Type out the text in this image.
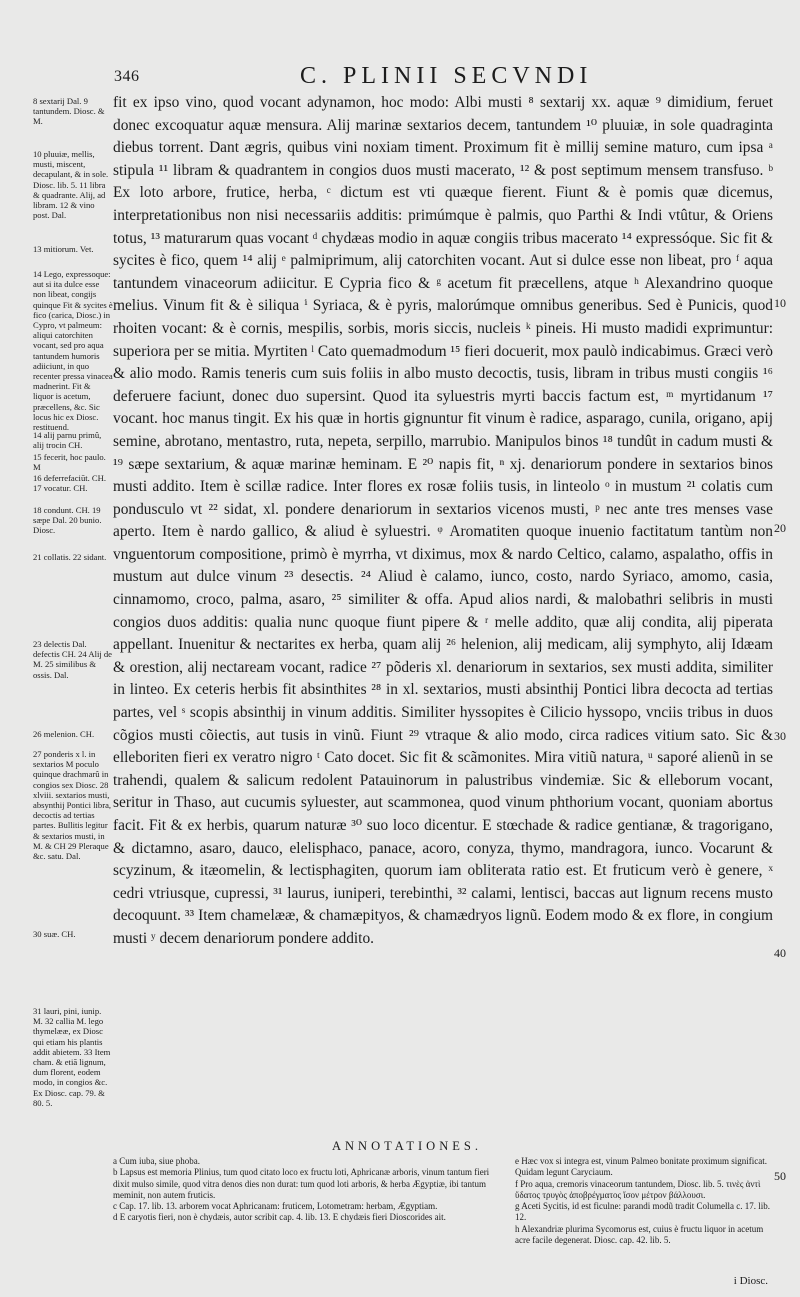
346	C. PLINII SECVNDI
8 sextarij Dal. 9 tantundem. Diosc. & M.
10 pluuiæ, mellis, musti, miscent, decapulant, & in sole. Diosc. lib. 5. 11 libra & quadrante. Alij, ad libram. 12 & vino post. Dal.
13 mitiorum. Vet.
14 Lego, expressoque: aut si ita dulce esse non libeat, congijs quinque Fit & sycites è fico (carica, Diosc.) in Cypro, vt palmeum: aliqui catorchiten vocant, sed pro aqua tantundem humoris adiiciunt, in quo recenter pressa vinacea madnerint. Fit & liquor is acetum, præcellens, &c. Sic locus hic ex Diosc. restituend.
14 alij parnu primû, alij trocin CH.
15 fecerit, hoc paulo. M
16 deferrefaciūt. CH. 17 vocatur. CH.
18 condunt. CH. 19 sæpe Dal. 20 bunio. Diosc.
21 collatis. 22 sidant.
23 delectis Dal. defectis CH. 24 Alij de M. 25 similibus & ossis. Dal.
26 melenion. CH.
27 ponderis x l. in sextarios M poculo quinque drachmarû in congios sex Diosc. 28 xlviii. sextarios musti, absynthij Pontici libra, decoctis ad tertias partes. Bullitis legitur & sextarios musti, in M. & CH 29 Pleraque &c. satu. Dal.
30 suæ. CH.
31 lauri, pini, iunip. M. 32 callia M. lego thymelææ, ex Diosc qui etiam his plantis addit abietem. 33 Item cham. & etiā lignum, dum florent, eodem modo, in congios &c. Ex Diosc. cap. 79. & 80. 5.

fit ex ipso vino, quod vocant adynamon, hoc modo: Albi musti ⁸ sextarij xx. aquæ ⁹ dimidium, feruet donec excoquatur aquæ mensura. Alij marinæ sextarios decem, tantundem ¹⁰ pluuiæ, in sole quadraginta diebus torrent. Dant ægris, quibus vini noxiam timent. Proximum fit è millij semine maturo, cum ipsa ᵃ stipula ¹¹ libram & quadrantem in congios duos musti macerato, ¹² & post septimum mensem transfuso. ᵇ Ex loto arbore, frutice, herba, ᶜ dictum est vti quæque fierent. Fiunt & è pomis quæ dicemus, interpretationibus non nisi necessariis additis: primúmque è palmis, quo Parthi & Indi vtûtur, & Oriens totus, ¹³ maturarum quas vocant ᵈ chydæas modio in aquæ congiis tribus macerato ¹⁴ expressóque. Sic fit & sycites è fico, quem ¹⁴ alij ᵉ palmiprimum, alij catorchiten vocant. Aut si dulce esse non libeat, pro ᶠ aqua tantundem vinaceorum adiicitur. E Cypria fico & ᵍ acetum fit præcellens, atque ʰ Alexandrino quoque melius. Vinum fit & è siliqua ⁱ Syriaca, & è pyris, malorúmque omnibus generibus. Sed è Punicis, quod rhoiten vocant: & è cornis, mespilis, sorbis, moris siccis, nucleis ᵏ pineis. Hi musto madidi exprimuntur: superiora per se mitia. Myrtiten ˡ Cato quemadmodum ¹⁵ fieri docuerit, mox paulò indicabimus. Græci verò & alio modo. Ramis teneris cum suis foliis in albo musto decoctis, tusis, libram in tribus musti congiis ¹⁶ deferuere faciunt, donec duo supersint. Quod ita syluestris myrti baccis factum est, ᵐ myrtidanum ¹⁷ vocant. hoc manus tingit. Ex his quæ in hortis gignuntur fit vinum è radice, asparago, cunila, origano, apij semine, abrotano, mentastro, ruta, nepeta, serpillo, marrubio. Manipulos binos ¹⁸ tundût in cadum musti & ¹⁹ sæpe sextarium, & aquæ marinæ heminam. E ²⁰ napis fit, ⁿ xj. denariorum pondere in sextarios binos musti addito. Item è scillæ radice. Inter flores ex rosæ foliis tusis, in linteolo ᵒ in mustum ²¹ colatis cum pondusculo vt ²² sidat, xl. pondere denariorum in sextarios vicenos musti, ᵖ nec ante tres menses vase aperto. Item è nardo gallico, & aliud è syluestri. ᵠ Aromatiten quoque inuenio factitatum tantùm non vnguentorum compositione, primò è myrrha, vt diximus, mox & nardo Celtico, calamo, aspalatho, offis in mustum aut dulce vinum ²³ desectis. ²⁴ Aliud è calamo, iunco, costo, nardo Syriaco, amomo, casia, cinnamomo, croco, palma, asaro, ²⁵ similiter & offa. Apud alios nardi, & malobathri selibris in musti congios duos additis: qualia nunc quoque fiunt pipere & ʳ melle addito, quæ alij condita, alij piperata appellant. Inuenitur & nectarites ex herba, quam alij ²⁶ helenion, alij medicam, alij symphyto, alij Idæam & orestion, alij nectaream vocant, radice ²⁷ põderis xl. denariorum in sextarios, sex musti addita, similiter in linteo. Ex ceteris herbis fit absinthites ²⁸ in xl. sextarios, musti absinthij Pontici libra decocta ad tertias partes, vel ˢ scopis absinthij in vinum additis. Similiter hyssopites è Cilicio hyssopo, vnciis tribus in duos cõgios musti cõiectis, aut tusis in vinũ. Fiunt ²⁹ vtraque & alio modo, circa radices vitium sato. Sic & elleboriten fieri ex veratro nigro ᵗ Cato docet. Sic fit & scãmonites. Mira vitiũ natura, ᵘ saporé alienũ in se trahendi, qualem & salicum redolent Patauinorum in palustribus vindemiæ. Sic & elleborum vocant, seritur in Thaso, aut cucumis syluester, aut scammonea, quod vinum phthorium vocant, quoniam abortus facit. Fit & ex herbis, quarum naturæ ³⁰ suo loco dicentur. E stœchade & radice gentianæ, & tragorigano, & dictamno, asaro, dauco, elelisphaco, panace, acoro, conyza, thymo, mandragora, iunco. Vocarunt & scyzinum, & itæomelin, & lectisphagiten, quorum iam obliterata ratio est. Et fruticum verò è genere, ˣ cedri vtriusque, cupressi, ³¹ laurus, iuniperi, terebinthi, ³² calami, lentisci, baccas aut lignum recens musto decoquunt. ³³ Item chamelææ, & chamæpityos, & chamædryos lignũ. Eodem modo & ex flore, in congium musti ʸ decem denariorum pondere addito.

10
20
30
40
50
ANNOTATIONES.

a Cum iuba, siue phoba.

b Lapsus est memoria Plinius, tum quod citato loco ex fructu loti, Aphricanæ arboris, vinum tantum fieri dixit mulso simile, quod vitra denos dies non durat: tum quod loti arboris, & herba Ægyptiæ, ibi tantum meminit, non autem fruticis.

c Cap. 17. lib. 13. arborem vocat Aphricanam: fruticem, Lotometram: herbam, Ægyptiam.

d E caryotis fieri, non è chydæis, autor scribit cap. 4. lib. 13. E chydæis fieri Dioscorides ait.

e Hæc vox si integra est, vinum Palmeo bonitate proximum significat. Quidam legunt Caryciaum.

f Pro aqua, cremoris vinaceorum tantundem, Diosc. lib. 5. τινὲς ἀντὶ ὕδατος τρυγὸς ἀποβρέγματος ἴσον μέτρον βάλλουσι.

g Aceti Sycitis, id est ficulne: parandi modũ tradit Columella c. 17. lib. 12.

h Alexandriæ plurima Sycomorus est, cuius è fructu liquor in acetum acre facile degenerat. Diosc. cap. 42. lib. 5.

i Diosc.
